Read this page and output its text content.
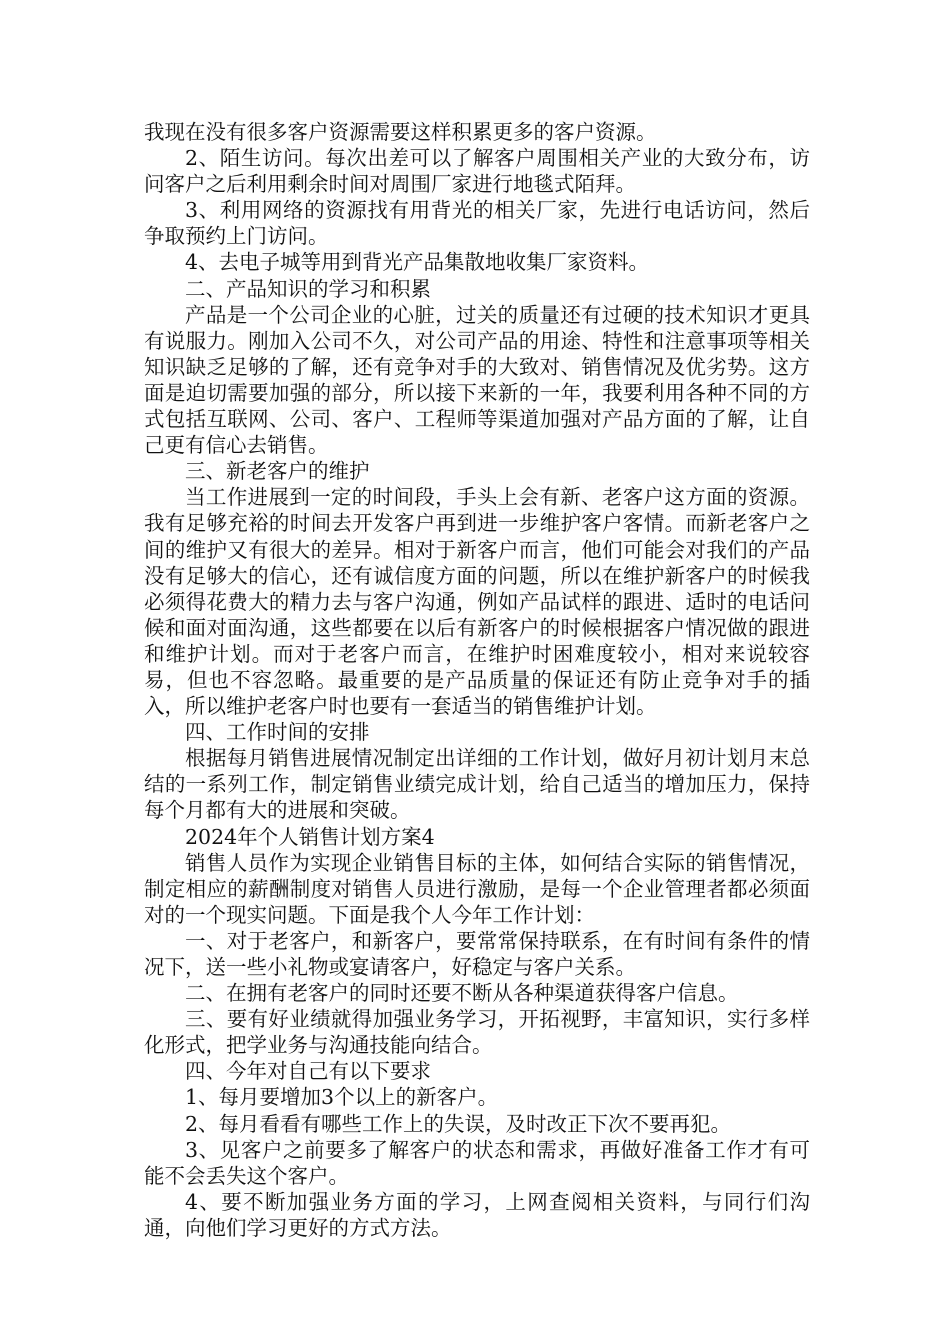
我现在没有很多客户资源需要这样积累更多的客户资源。

2、陌生访问。每次出差可以了解客户周围相关产业的大致分布，访问客户之后利用剩余时间对周围厂家进行地毯式陌拜。

3、利用网络的资源找有用背光的相关厂家，先进行电话访问，然后争取预约上门访问。

4、去电子城等用到背光产品集散地收集厂家资料。

二、产品知识的学习和积累

产品是一个公司企业的心脏，过关的质量还有过硬的技术知识才更具有说服力。刚加入公司不久，对公司产品的用途、特性和注意事项等相关知识缺乏足够的了解，还有竞争对手的大致对、销售情况及优劣势。这方面是迫切需要加强的部分，所以接下来新的一年，我要利用各种不同的方式包括互联网、公司、客户、工程师等渠道加强对产品方面的了解，让自己更有信心去销售。

三、新老客户的维护

当工作进展到一定的时间段，手头上会有新、老客户这方面的资源。我有足够充裕的时间去开发客户再到进一步维护客户客情。而新老客户之间的维护又有很大的差异。相对于新客户而言，他们可能会对我们的产品没有足够大的信心，还有诚信度方面的问题，所以在维护新客户的时候我必须得花费大的精力去与客户沟通，例如产品试样的跟进、适时的电话问候和面对面沟通，这些都要在以后有新客户的时候根据客户情况做的跟进和维护计划。而对于老客户而言，在维护时困难度较小，相对来说较容易，但也不容忽略。最重要的是产品质量的保证还有防止竞争对手的插入，所以维护老客户时也要有一套适当的销售维护计划。

四、工作时间的安排

根据每月销售进展情况制定出详细的工作计划，做好月初计划月末总结的一系列工作，制定销售业绩完成计划，给自己适当的增加压力，保持每个月都有大的进展和突破。

2024年个人销售计划方案4

销售人员作为实现企业销售目标的主体，如何结合实际的销售情况，制定相应的薪酬制度对销售人员进行激励，是每一个企业管理者都必须面对的一个现实问题。下面是我个人今年工作计划：

一、对于老客户，和新客户，要常常保持联系，在有时间有条件的情况下，送一些小礼物或宴请客户，好稳定与客户关系。

二、在拥有老客户的同时还要不断从各种渠道获得客户信息。

三、要有好业绩就得加强业务学习，开拓视野，丰富知识，实行多样化形式，把学业务与沟通技能向结合。

四、今年对自己有以下要求

1、每月要增加3个以上的新客户。

2、每月看看有哪些工作上的失误，及时改正下次不要再犯。

3、见客户之前要多了解客户的状态和需求，再做好准备工作才有可能不会丢失这个客户。

4、要不断加强业务方面的学习，上网查阅相关资料，与同行们沟通，向他们学习更好的方式方法。
